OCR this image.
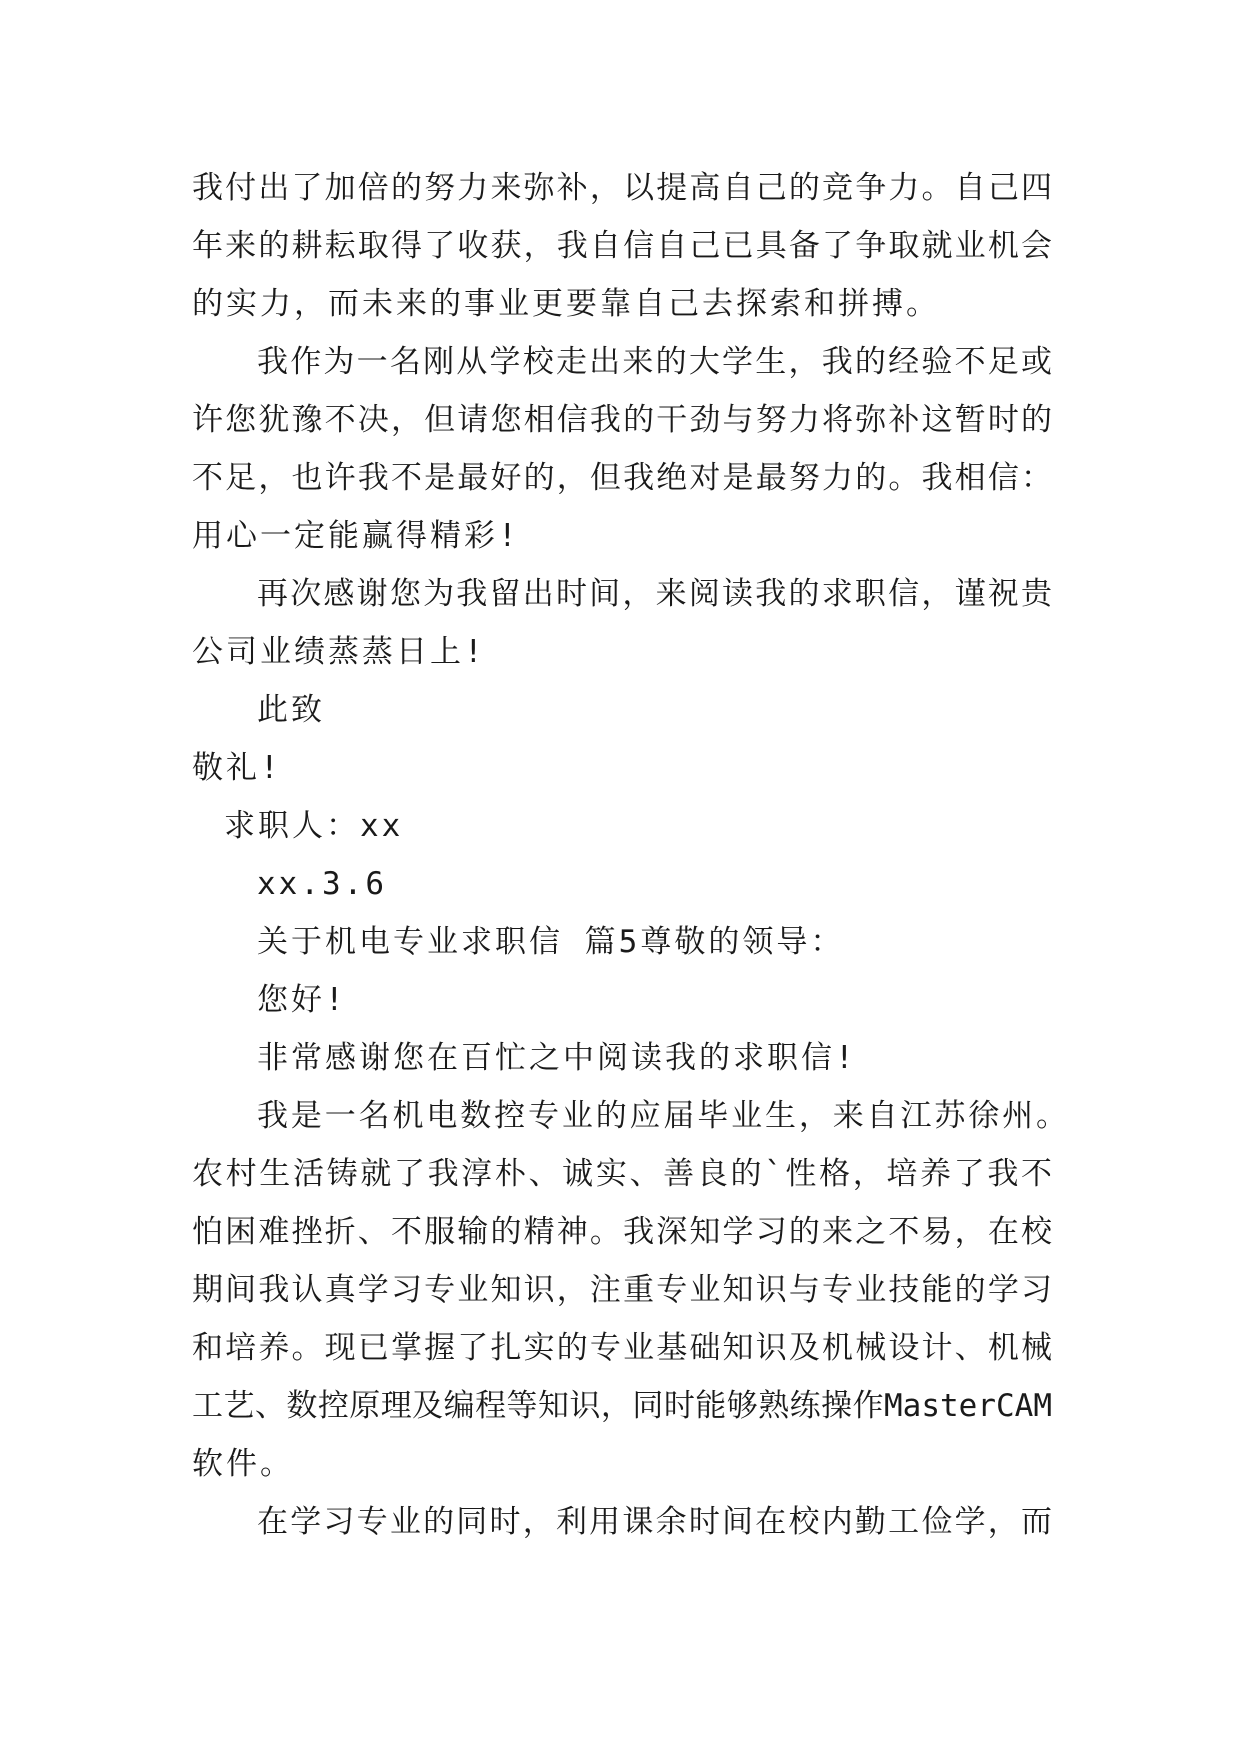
我付出了加倍的努力来弥补，以提高自己的竞争力。自己四
年来的耕耘取得了收获，我自信自己已具备了争取就业机会
的实力，而未来的事业更要靠自己去探索和拼搏。
我作为一名刚从学校走出来的大学生，我的经验不足或
许您犹豫不决，但请您相信我的干劲与努力将弥补这暂时的
不足，也许我不是最好的，但我绝对是最努力的。我相信：
用心一定能赢得精彩!
再次感谢您为我留出时间，来阅读我的求职信，谨祝贵
公司业绩蒸蒸日上!
此致
敬礼!
求职人：xx
xx.3.6
关于机电专业求职信 篇5尊敬的领导：
您好!
非常感谢您在百忙之中阅读我的求职信!
我是一名机电数控专业的应届毕业生，来自江苏徐州。
农村生活铸就了我淳朴、诚实、善良的`性格，培养了我不
怕困难挫折、不服输的精神。我深知学习的来之不易，在校
期间我认真学习专业知识，注重专业知识与专业技能的学习
和培养。现已掌握了扎实的专业基础知识及机械设计、机械
工艺、数控原理及编程等知识，同时能够熟练操作MasterCAM
软件。
在学习专业的同时，利用课余时间在校内勤工俭学，而
